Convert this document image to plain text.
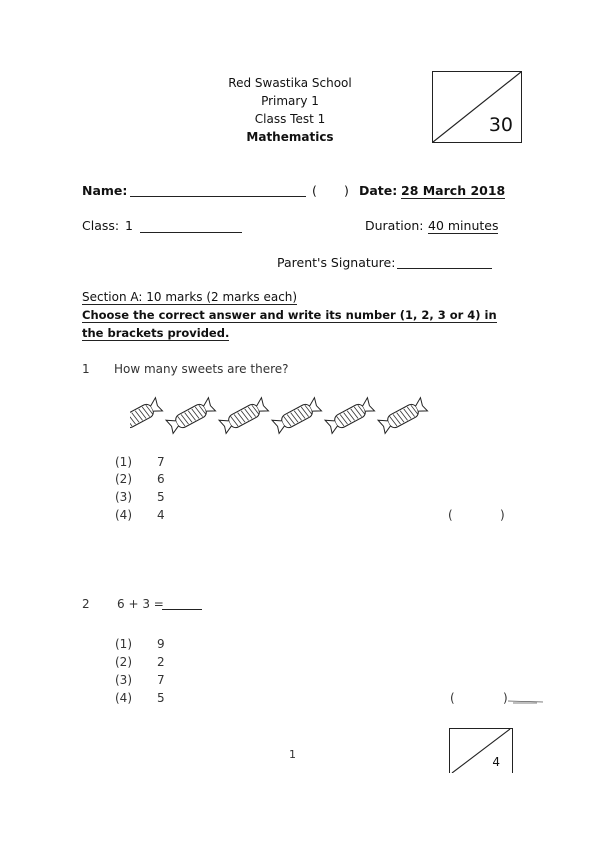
Red Swastika School
Primary 1
Class Test 1
Mathematics
30
Name:	( ) Date: 28 March 2018
Class: 1	Duration: 40 minutes
Parent's Signature:
Section A: 10 marks (2 marks each)
Choose the correct answer and write its number (1, 2, 3 or 4) in
the brackets provided.
1 How many sweets are there?
(1) 7
(2) 6
(3) 5
(4) 4	(	)
2 6 + 3 =
(1) 9
(2) 2
(3) 7
(4) 5	(	)
1
4
